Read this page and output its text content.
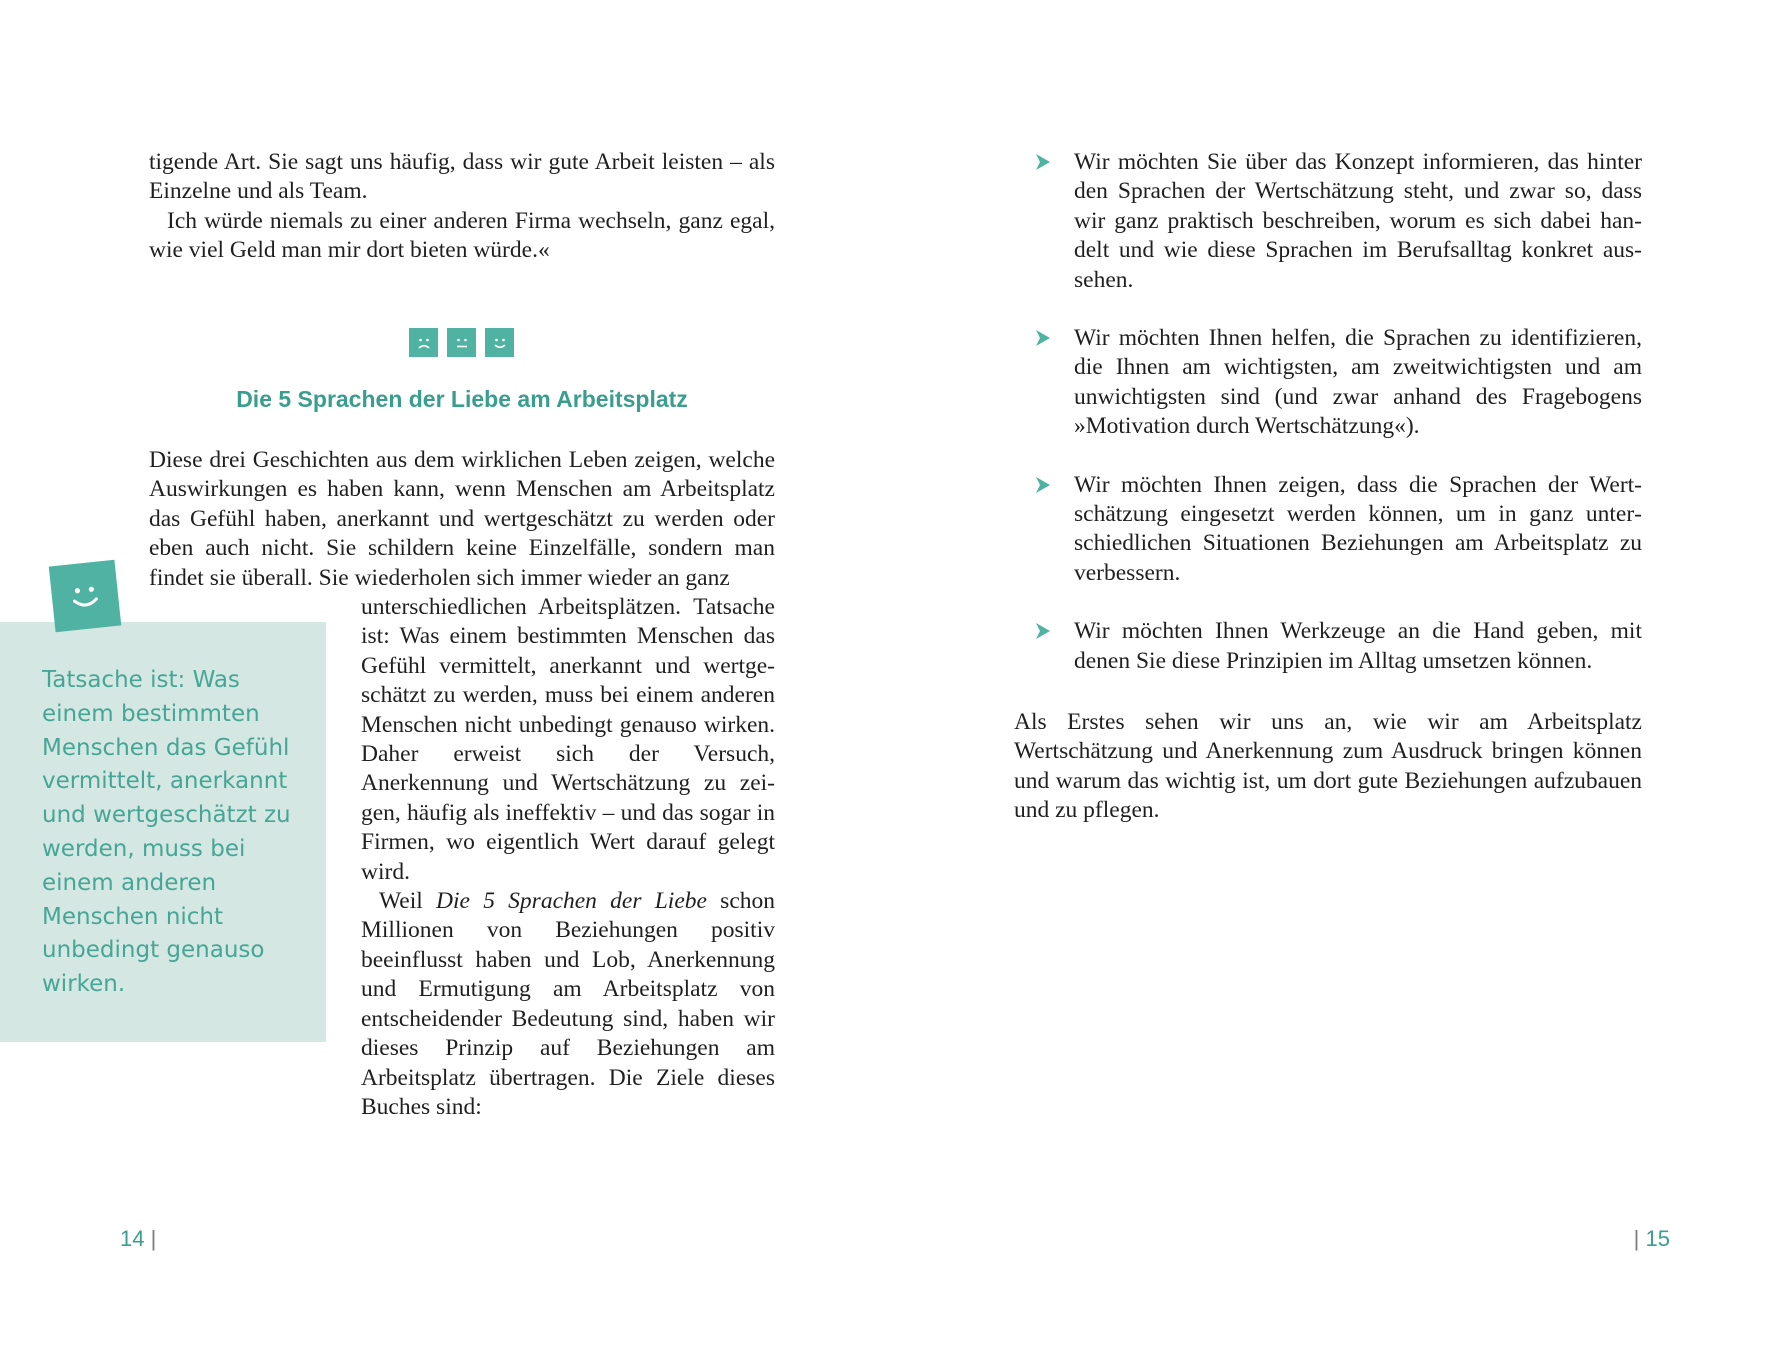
tigende Art. Sie sagt uns häufig, dass wir gute Arbeit leisten – als Einzelne und als Team.

Ich würde niemals zu einer anderen Firma wechseln, ganz egal, wie viel Geld man mir dort bieten würde.«

Die 5 Sprachen der Liebe am Arbeitsplatz

Diese drei Geschichten aus dem wirklichen Leben zeigen, welche Auswirkungen es haben kann, wenn Menschen am Arbeitsplatz das Gefühl haben, anerkannt und wertgeschätzt zu werden oder eben auch nicht. Sie schildern keine Einzelfälle, sondern man findet sie überall. Sie wiederholen sich immer wieder an ganz

unterschiedlichen Arbeitsplätzen. Tatsache ist: Was einem bestimmten Menschen das Gefühl vermittelt, anerkannt und wertgeschätzt zu werden, muss bei einem anderen Menschen nicht unbedingt genauso wirken. Daher erweist sich der Versuch, Anerkennung und Wertschätzung zu zeigen, häufig als ineffektiv – und das sogar in Firmen, wo eigentlich Wert darauf gelegt wird.

Weil Die 5 Sprachen der Liebe schon Millionen von Beziehungen positiv beeinflusst haben und Lob, Anerkennung und Ermutigung am Arbeitsplatz von entscheidender Bedeutung sind, haben wir dieses Prinzip auf Beziehungen am Arbeitsplatz übertragen. Die Ziele dieses Buches sind:

Tatsache ist: Was einem bestimmten Menschen das Gefühl vermittelt, anerkannt und wertgeschätzt zu werden, muss bei einem anderen Menschen nicht unbedingt genauso wirken.

14 |

Wir möchten Sie über das Konzept informieren, das hinter den Sprachen der Wertschätzung steht, und zwar so, dass wir ganz praktisch beschreiben, worum es sich dabei handelt und wie diese Sprachen im Berufsalltag konkret aussehen.

Wir möchten Ihnen helfen, die Sprachen zu identifizieren, die Ihnen am wichtigsten, am zweitwichtigsten und am unwichtigsten sind (und zwar anhand des Fragebogens »Motivation durch Wertschätzung«).

Wir möchten Ihnen zeigen, dass die Sprachen der Wertschätzung eingesetzt werden können, um in ganz unterschiedlichen Situationen Beziehungen am Arbeitsplatz zu verbessern.

Wir möchten Ihnen Werkzeuge an die Hand geben, mit denen Sie diese Prinzipien im Alltag umsetzen können.

Als Erstes sehen wir uns an, wie wir am Arbeitsplatz Wertschätzung und Anerkennung zum Ausdruck bringen können und warum das wichtig ist, um dort gute Beziehungen aufzubauen und zu pflegen.

| 15
